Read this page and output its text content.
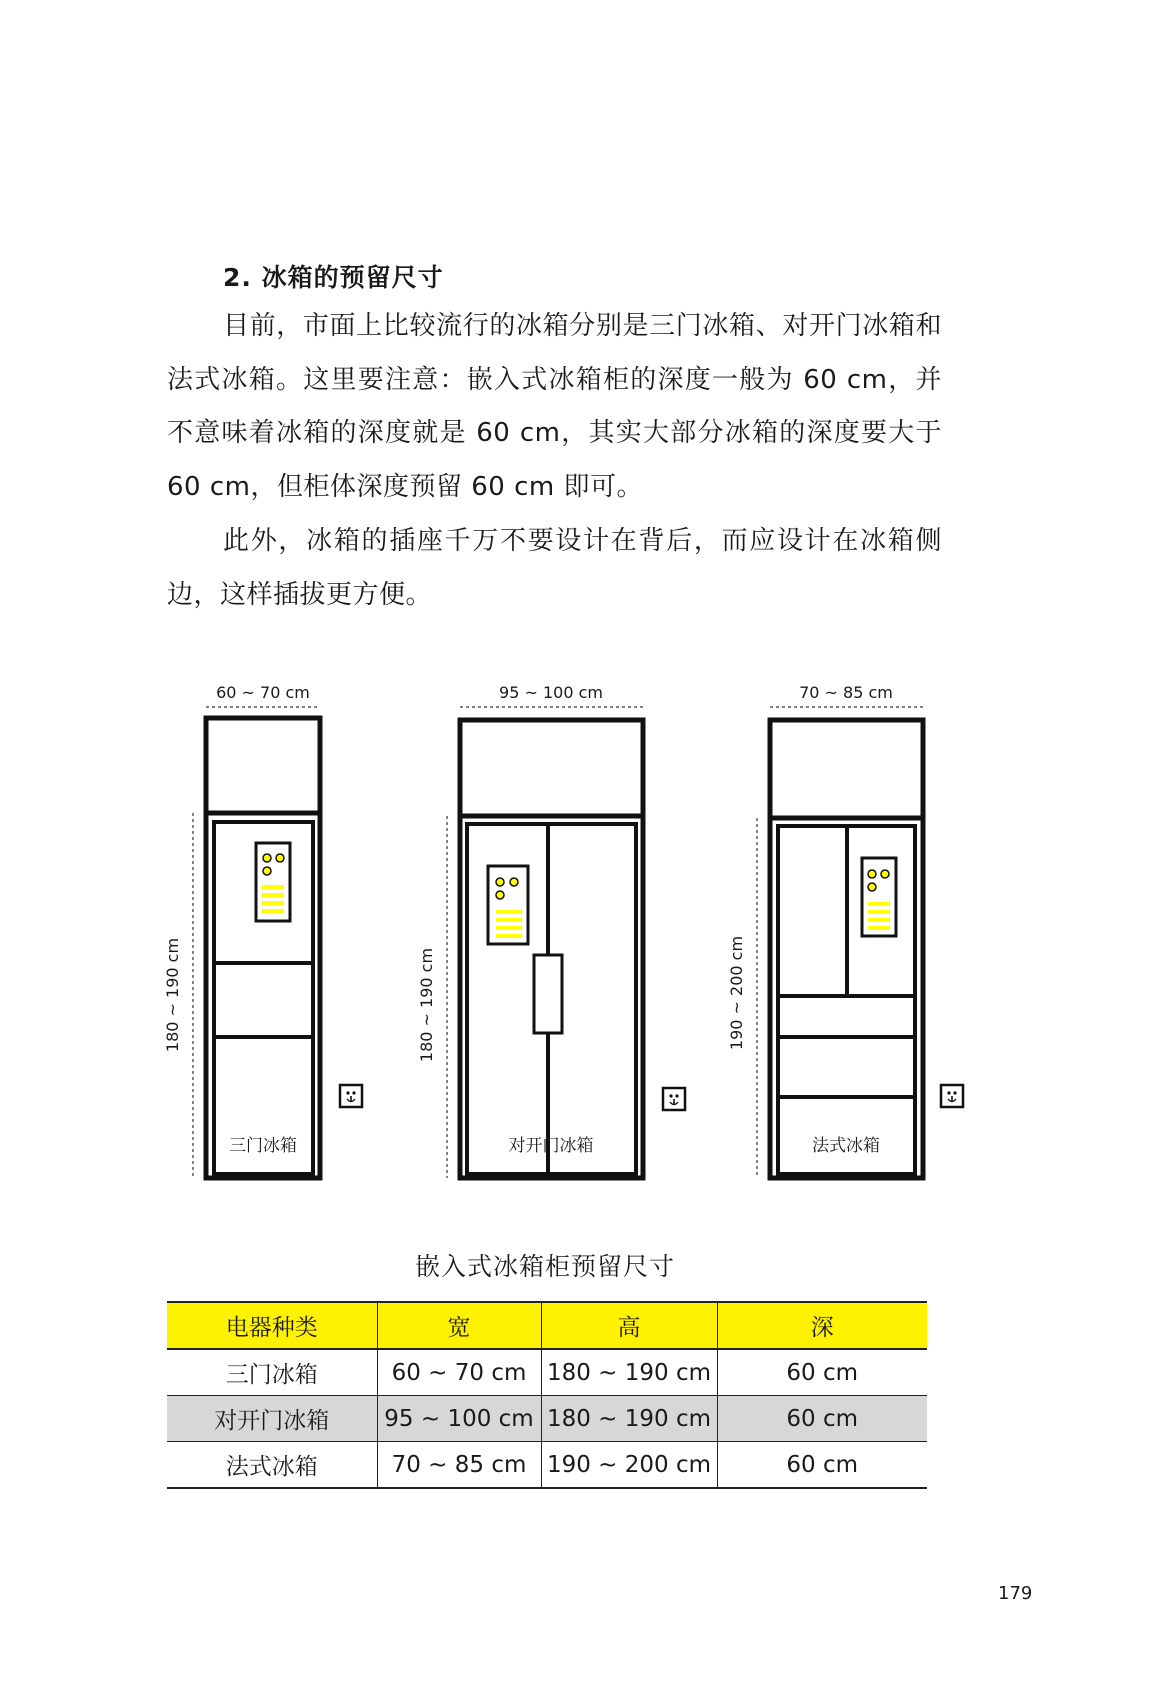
2. 冰箱的预留尺寸

目前，市面上比较流行的冰箱分别是三门冰箱、对开门冰箱和法式冰箱。这里要注意：嵌入式冰箱柜的深度一般为 60 cm，并不意味着冰箱的深度就是 60 cm，其实大部分冰箱的深度要大于 60 cm，但柜体深度预留 60 cm 即可。

此外，冰箱的插座千万不要设计在背后，而应设计在冰箱侧边，这样插拔更方便。

60 ~ 70 cm
180 ~ 190 cm
三门冰箱
95 ~ 100 cm
180 ~ 190 cm
对开门冰箱
70 ~ 85 cm
190 ~ 200 cm
法式冰箱
嵌入式冰箱柜预留尺寸
电器种类	宽	高	深
三门冰箱	60 ~ 70 cm	180 ~ 190 cm	60 cm
对开门冰箱	95 ~ 100 cm	180 ~ 190 cm	60 cm
法式冰箱	70 ~ 85 cm	190 ~ 200 cm	60 cm
179
